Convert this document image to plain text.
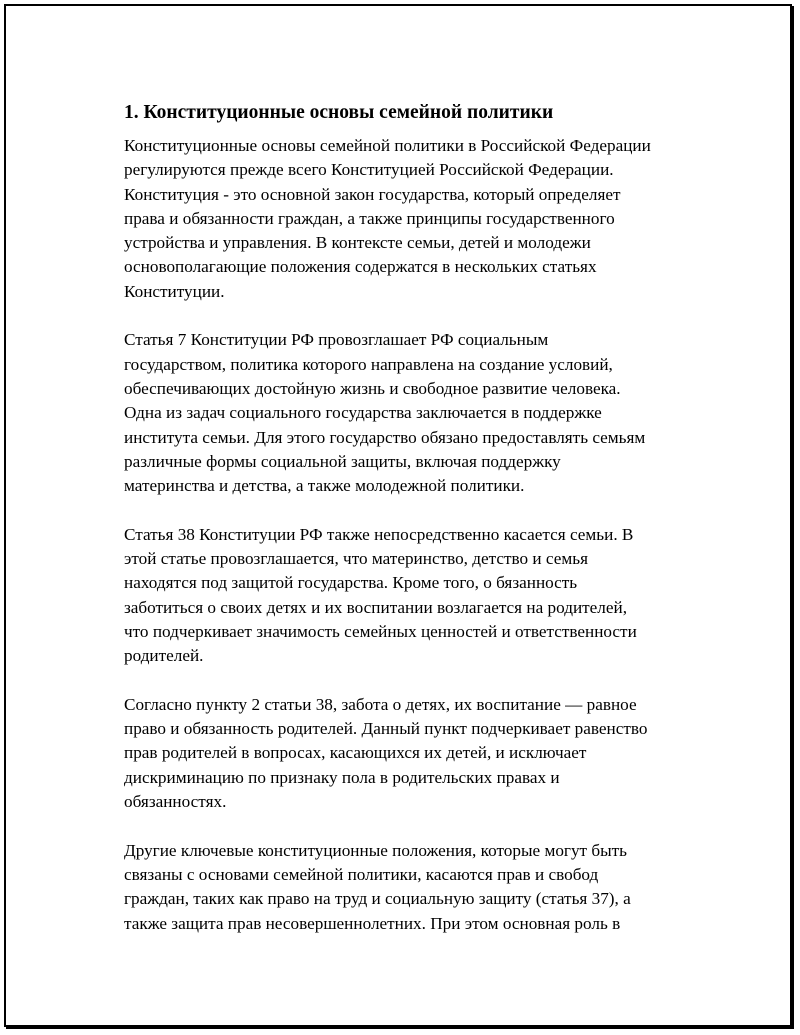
1. Конституционные основы семейной политики
Конституционные основы семейной политики в Российской Федерации
регулируются прежде всего Конституцией Российской Федерации.
Конституция - это основной закон государства, который определяет
права и обязанности граждан, а также принципы государственного
устройства и управления. В контексте семьи, детей и молодежи
основополагающие положения содержатся в нескольких статьях
Конституции.
Статья 7 Конституции РФ провозглашает РФ социальным
государством, политика которого направлена на создание условий,
обеспечивающих достойную жизнь и свободное развитие человека.
Одна из задач социального государства заключается в поддержке
института семьи. Для этого государство обязано предоставлять семьям
различные формы социальной защиты, включая поддержку
материнства и детства, а также молодежной политики.
Статья 38 Конституции РФ также непосредственно касается семьи. В
этой статье провозглашается, что материнство, детство и семья
находятся под защитой государства. Кроме того, о бязанность
заботиться о своих детях и их воспитании возлагается на родителей,
что подчеркивает значимость семейных ценностей и ответственности
родителей.
Согласно пункту 2 статьи 38, забота о детях, их воспитание — равное
право и обязанность родителей. Данный пункт подчеркивает равенство
прав родителей в вопросах, касающихся их детей, и исключает
дискриминацию по признаку пола в родительских правах и
обязанностях.
Другие ключевые конституционные положения, которые могут быть
связаны с основами семейной политики, касаются прав и свобод
граждан, таких как право на труд и социальную защиту (статья 37), а
также защита прав несовершеннолетних. При этом основная роль в
